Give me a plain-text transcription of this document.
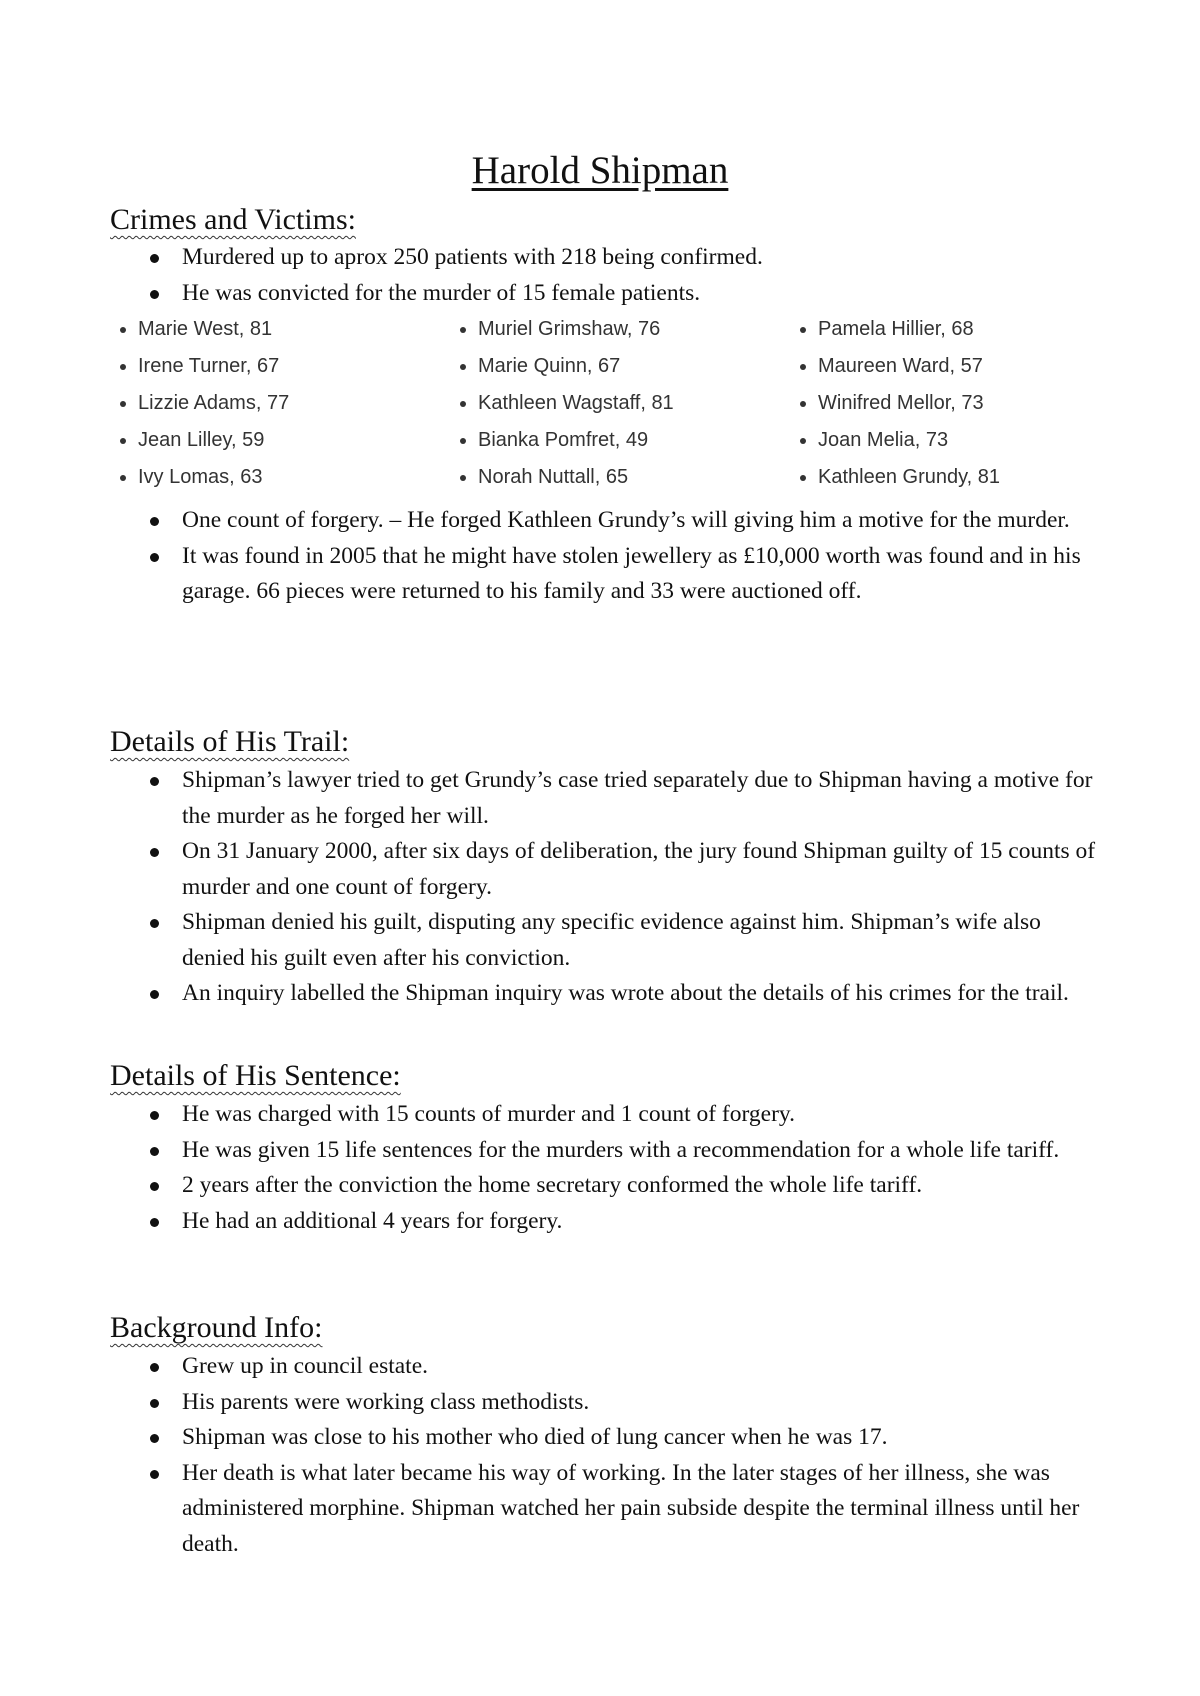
Harold Shipman
Crimes and Victims:
Murdered up to aprox 250 patients with 218 being confirmed.
He was convicted for the murder of 15 female patients.
Marie West, 81	Muriel Grimshaw, 76	Pamela Hillier, 68
Irene Turner, 67	Marie Quinn, 67	Maureen Ward, 57
Lizzie Adams, 77	Kathleen Wagstaff, 81	Winifred Mellor, 73
Jean Lilley, 59	Bianka Pomfret, 49	Joan Melia, 73
Ivy Lomas, 63	Norah Nuttall, 65	Kathleen Grundy, 81
One count of forgery. – He forged Kathleen Grundy’s will giving him a motive for the murder.
It was found in 2005 that he might have stolen jewellery as £10,000 worth was found and in his garage. 66 pieces were returned to his family and 33 were auctioned off.
Details of His Trail:
Shipman’s lawyer tried to get Grundy’s case tried separately due to Shipman having a motive for the murder as he forged her will.
On 31 January 2000, after six days of deliberation, the jury found Shipman guilty of 15 counts of murder and one count of forgery.
Shipman denied his guilt, disputing any specific evidence against him. Shipman’s wife also denied his guilt even after his conviction.
An inquiry labelled the Shipman inquiry was wrote about the details of his crimes for the trail.
Details of His Sentence:
He was charged with 15 counts of murder and 1 count of forgery.
He was given 15 life sentences for the murders with a recommendation for a whole life tariff.
2 years after the conviction the home secretary conformed the whole life tariff.
He had an additional 4 years for forgery.
Background Info:
Grew up in council estate.
His parents were working class methodists.
Shipman was close to his mother who died of lung cancer when he was 17.
Her death is what later became his way of working. In the later stages of her illness, she was administered morphine. Shipman watched her pain subside despite the terminal illness until her death.
